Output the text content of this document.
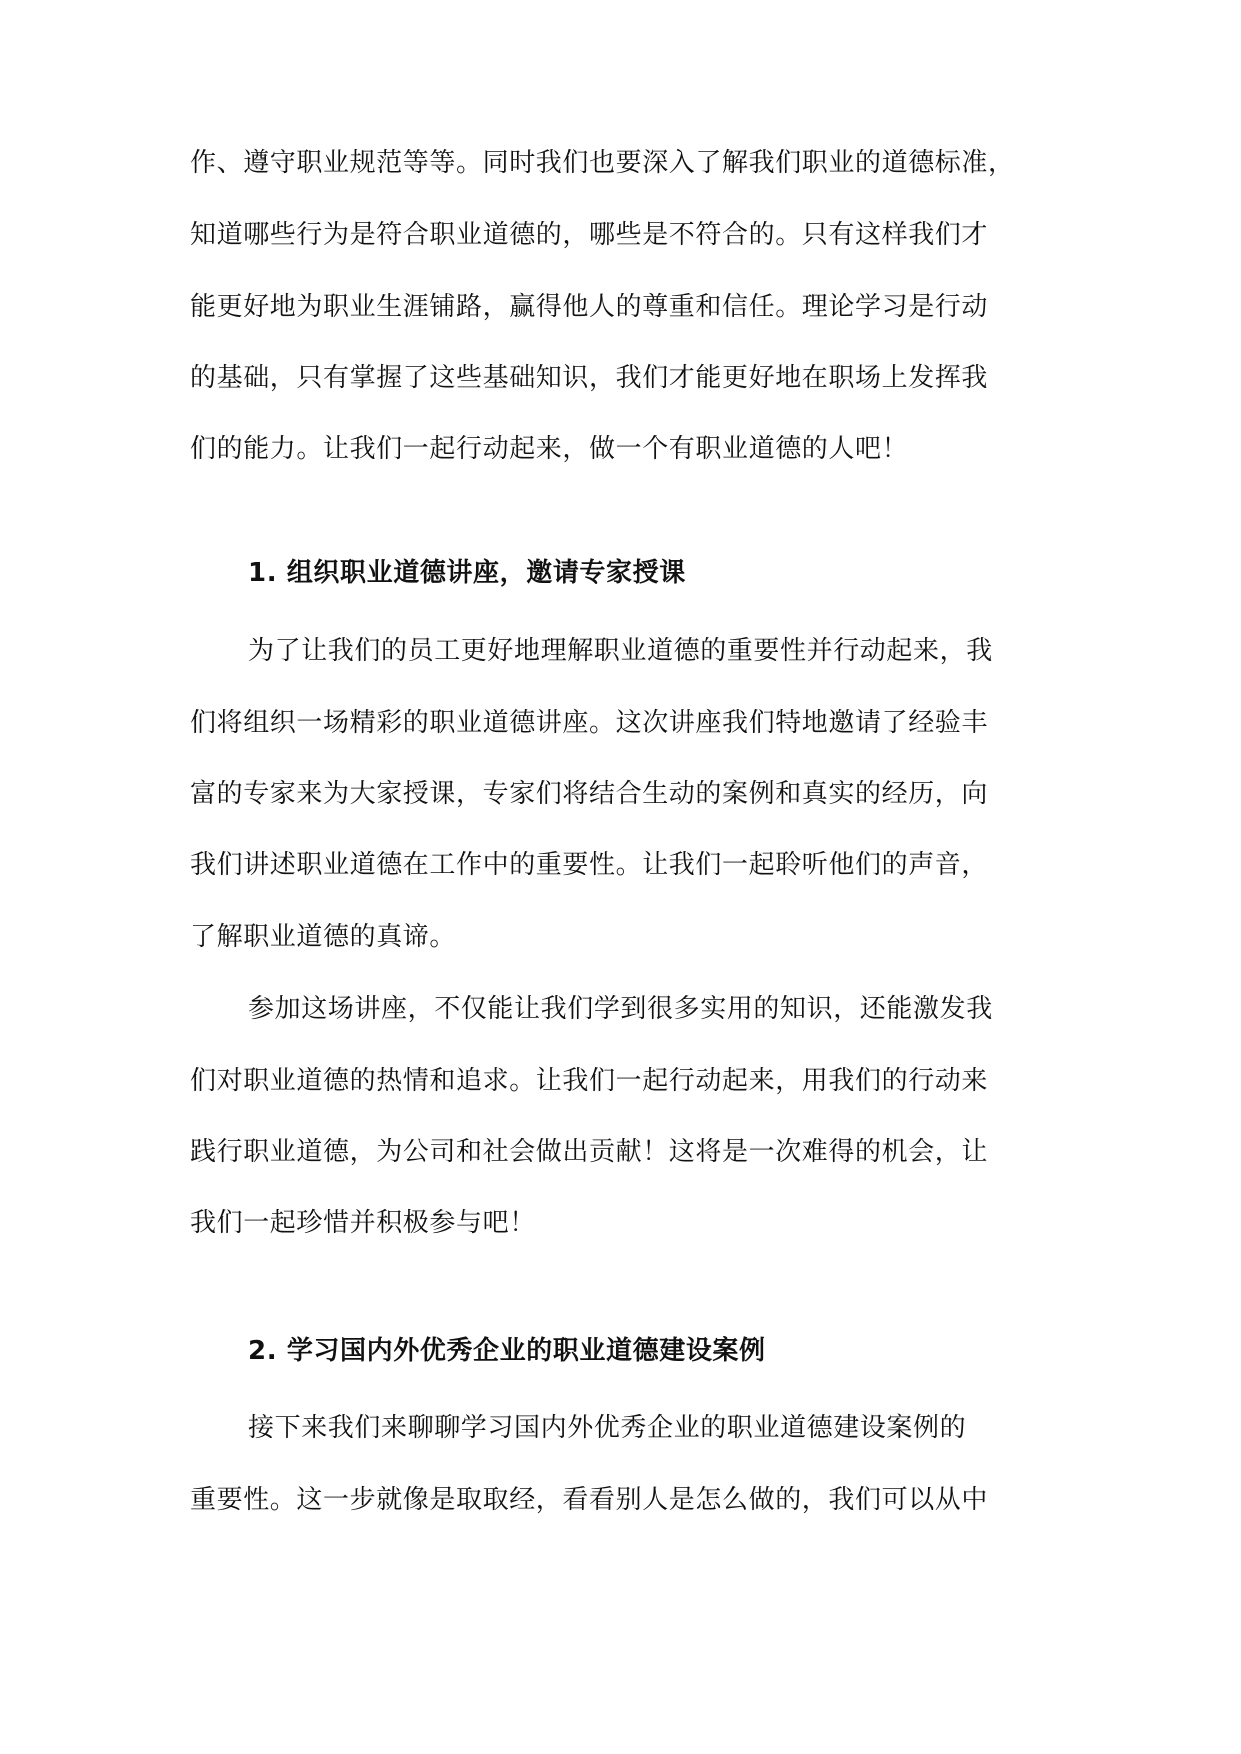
作、遵守职业规范等等。同时我们也要深入了解我们职业的道德标准，
知道哪些行为是符合职业道德的，哪些是不符合的。只有这样我们才
能更好地为职业生涯铺路，赢得他人的尊重和信任。理论学习是行动
的基础，只有掌握了这些基础知识，我们才能更好地在职场上发挥我
们的能力。让我们一起行动起来，做一个有职业道德的人吧！
1. 组织职业道德讲座，邀请专家授课
为了让我们的员工更好地理解职业道德的重要性并行动起来，我
们将组织一场精彩的职业道德讲座。这次讲座我们特地邀请了经验丰
富的专家来为大家授课，专家们将结合生动的案例和真实的经历，向
我们讲述职业道德在工作中的重要性。让我们一起聆听他们的声音，
了解职业道德的真谛。
参加这场讲座，不仅能让我们学到很多实用的知识，还能激发我
们对职业道德的热情和追求。让我们一起行动起来，用我们的行动来
践行职业道德，为公司和社会做出贡献！这将是一次难得的机会，让
我们一起珍惜并积极参与吧！
2. 学习国内外优秀企业的职业道德建设案例
接下来我们来聊聊学习国内外优秀企业的职业道德建设案例的
重要性。这一步就像是取取经，看看别人是怎么做的，我们可以从中
